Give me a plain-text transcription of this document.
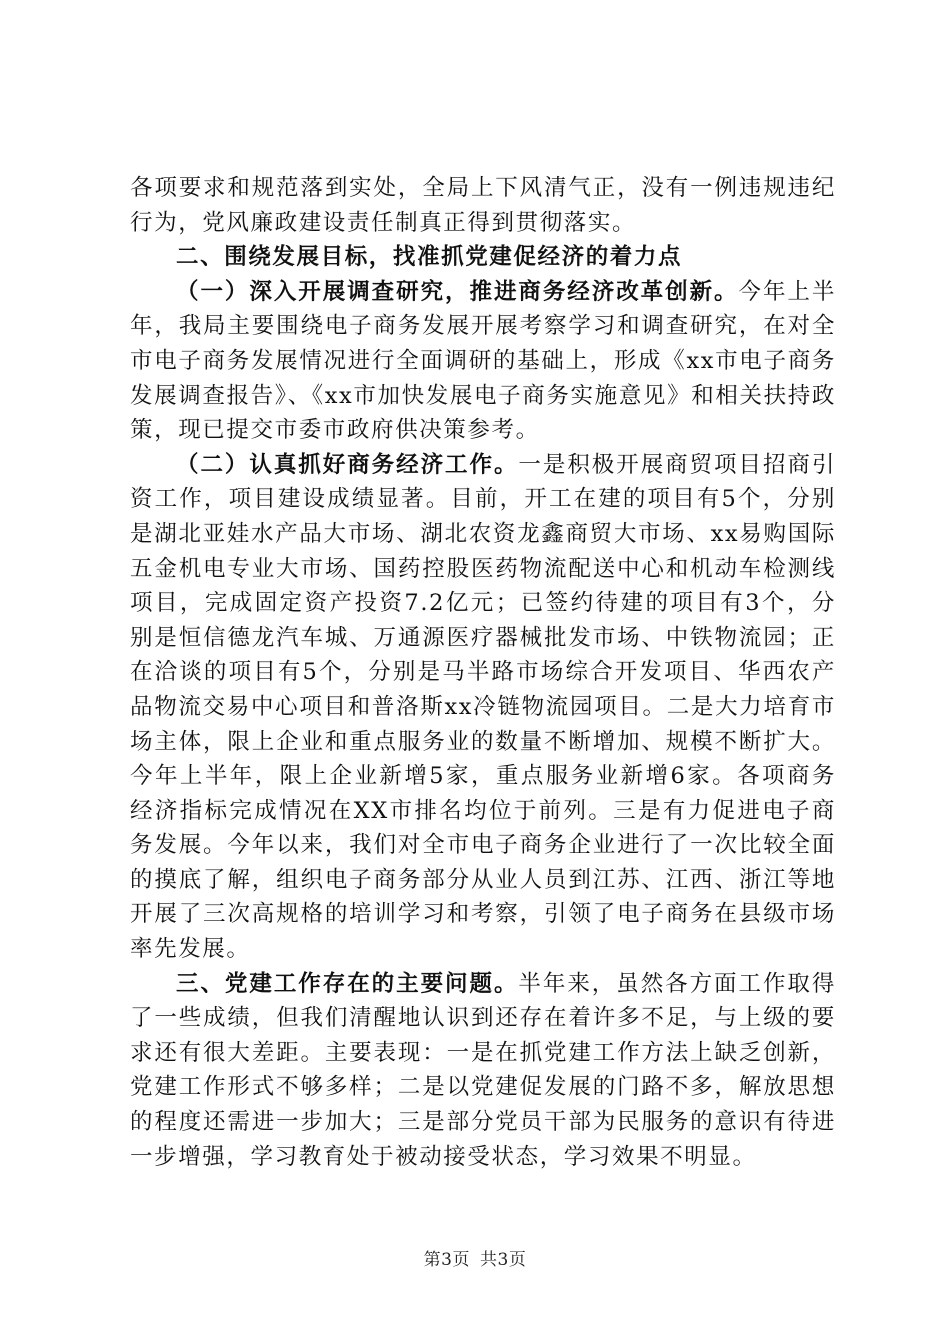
各项要求和规范落到实处，全局上下风清气正，没有一例违规违纪行为，党风廉政建设责任制真正得到贯彻落实。

二、围绕发展目标，找准抓党建促经济的着力点

（一）深入开展调查研究，推进商务经济改革创新。今年上半年，我局主要围绕电子商务发展开展考察学习和调查研究，在对全市电子商务发展情况进行全面调研的基础上，形成《xx市电子商务发展调查报告》、《xx市加快发展电子商务实施意见》和相关扶持政策，现已提交市委市政府供决策参考。

（二）认真抓好商务经济工作。一是积极开展商贸项目招商引资工作，项目建设成绩显著。目前，开工在建的项目有5个，分别是湖北亚娃水产品大市场、湖北农资龙鑫商贸大市场、xx易购国际五金机电专业大市场、国药控股医药物流配送中心和机动车检测线项目，完成固定资产投资7.2亿元；已签约待建的项目有3个，分别是恒信德龙汽车城、万通源医疗器械批发市场、中铁物流园；正在洽谈的项目有5个，分别是马半路市场综合开发项目、华西农产品物流交易中心项目和普洛斯xx冷链物流园项目。二是大力培育市场主体，限上企业和重点服务业的数量不断增加、规模不断扩大。今年上半年，限上企业新增5家，重点服务业新增6家。各项商务经济指标完成情况在XX市排名均位于前列。三是有力促进电子商务发展。今年以来，我们对全市电子商务企业进行了一次比较全面的摸底了解，组织电子商务部分从业人员到江苏、江西、浙江等地开展了三次高规格的培训学习和考察，引领了电子商务在县级市场率先发展。

三、党建工作存在的主要问题。半年来，虽然各方面工作取得了一些成绩，但我们清醒地认识到还存在着许多不足，与上级的要求还有很大差距。主要表现：一是在抓党建工作方法上缺乏创新，党建工作形式不够多样；二是以党建促发展的门路不多，解放思想的程度还需进一步加大；三是部分党员干部为民服务的意识有待进一步增强，学习教育处于被动接受状态，学习效果不明显。

第3页 共3页
